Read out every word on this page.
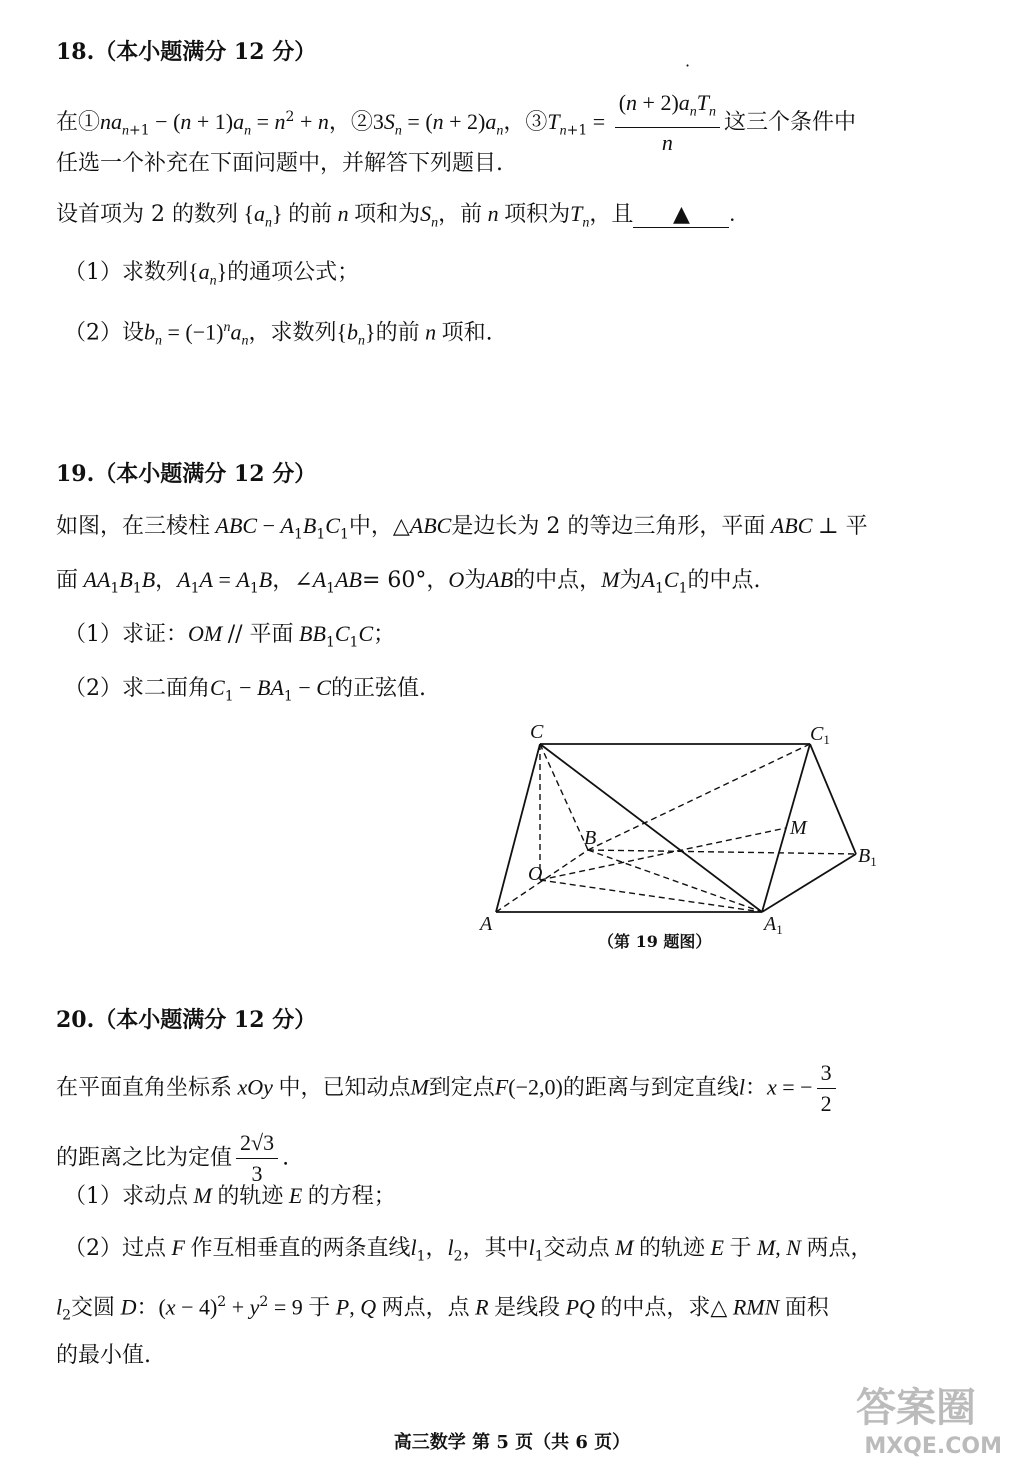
18.（本小题满分 12 分）
·
在$①na_{n+1} - (n + 1)a_n = n^2 + n$，$②3S_n = (n + 2)a_n$，$③T_{n+1} = \frac{(n + 2)a_nT_n}{n}$ 这三个条件中
任选一个补充在下面问题中，并解答下列题目.
设首项为 2 的数列 $\{a_n\}$ 的前 n 项和为$S_n$，前 n 项积为$T_n$，且 ▲ .
（1）求数列$\{a_n\}$的通项公式；
（2）设$b_n = (-1)^na_n$，求数列$\{b_n\}$的前 n 项和.
19.（本小题满分 12 分）
如图，在三棱柱 ABC − $A_1B_1C_1$中，△ABC是边长为 2 的等边三角形，平面 ABC ⊥ 平
面 $AA_1B_1B$，$A_1A = A_1B$，$\angle A_1AB= 60^\circ$，O为AB的中点，M为$A_1C_1$的中点.
（1）求证：OM // 平面 $BB_1C_1C$；
（2）求二面角$C_1 - BA_1 - C$的正弦值.
C	$C_1$
B	M
$B_1$
O
A	$A_1$
（第 19 题图）
20.（本小题满分 12 分）
在平面直角坐标系 xOy 中，已知动点M到定点F(−2,0)的距离与到定直线l：x = − $\frac{3}{2}$
的距离之比为定值 $\frac{2√3}{3}$ .
（1）求动点 M 的轨迹 E 的方程；
（2）过点 F 作互相垂直的两条直线$l_1$，$l_2$，其中$l_1$交动点 M 的轨迹 E 于 M, N 两点，
$l_2$交圆 D：$(x - 4)^2 + y^2 = 9$ 于 P, Q 两点，点 R 是线段 PQ 的中点，求△ RMN 面积
的最小值.
高三数学 第 5 页（共 6 页）
答案圈
MXQE.COM
